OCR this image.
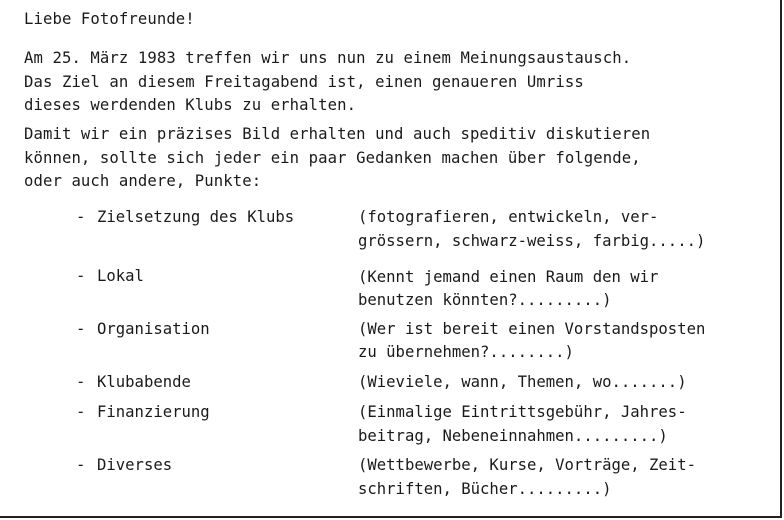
Liebe Fotofreunde!
Am 25. März 1983 treffen wir uns nun zu einem Meinungsaustausch.
Das Ziel an diesem Freitagabend ist, einen genaueren Umriss
dieses werdenden Klubs zu erhalten.
Damit wir ein präzises Bild erhalten und auch speditiv diskutieren
können, sollte sich jeder ein paar Gedanken machen über folgende,
oder auch andere, Punkte:
- Zielsetzung des Klubs	(fotografieren, entwickeln, ver-
grössern, schwarz-weiss, farbig.....)
- Lokal	(Kennt jemand einen Raum den wir
benutzen könnten?.........)
- Organisation	(Wer ist bereit einen Vorstandsposten
zu übernehmen?........)
- Klubabende	(Wieviele, wann, Themen, wo.......)
- Finanzierung	(Einmalige Eintrittsgebühr, Jahres-
beitrag, Nebeneinnahmen.........)
- Diverses	(Wettbewerbe, Kurse, Vorträge, Zeit-
schriften, Bücher.........)
